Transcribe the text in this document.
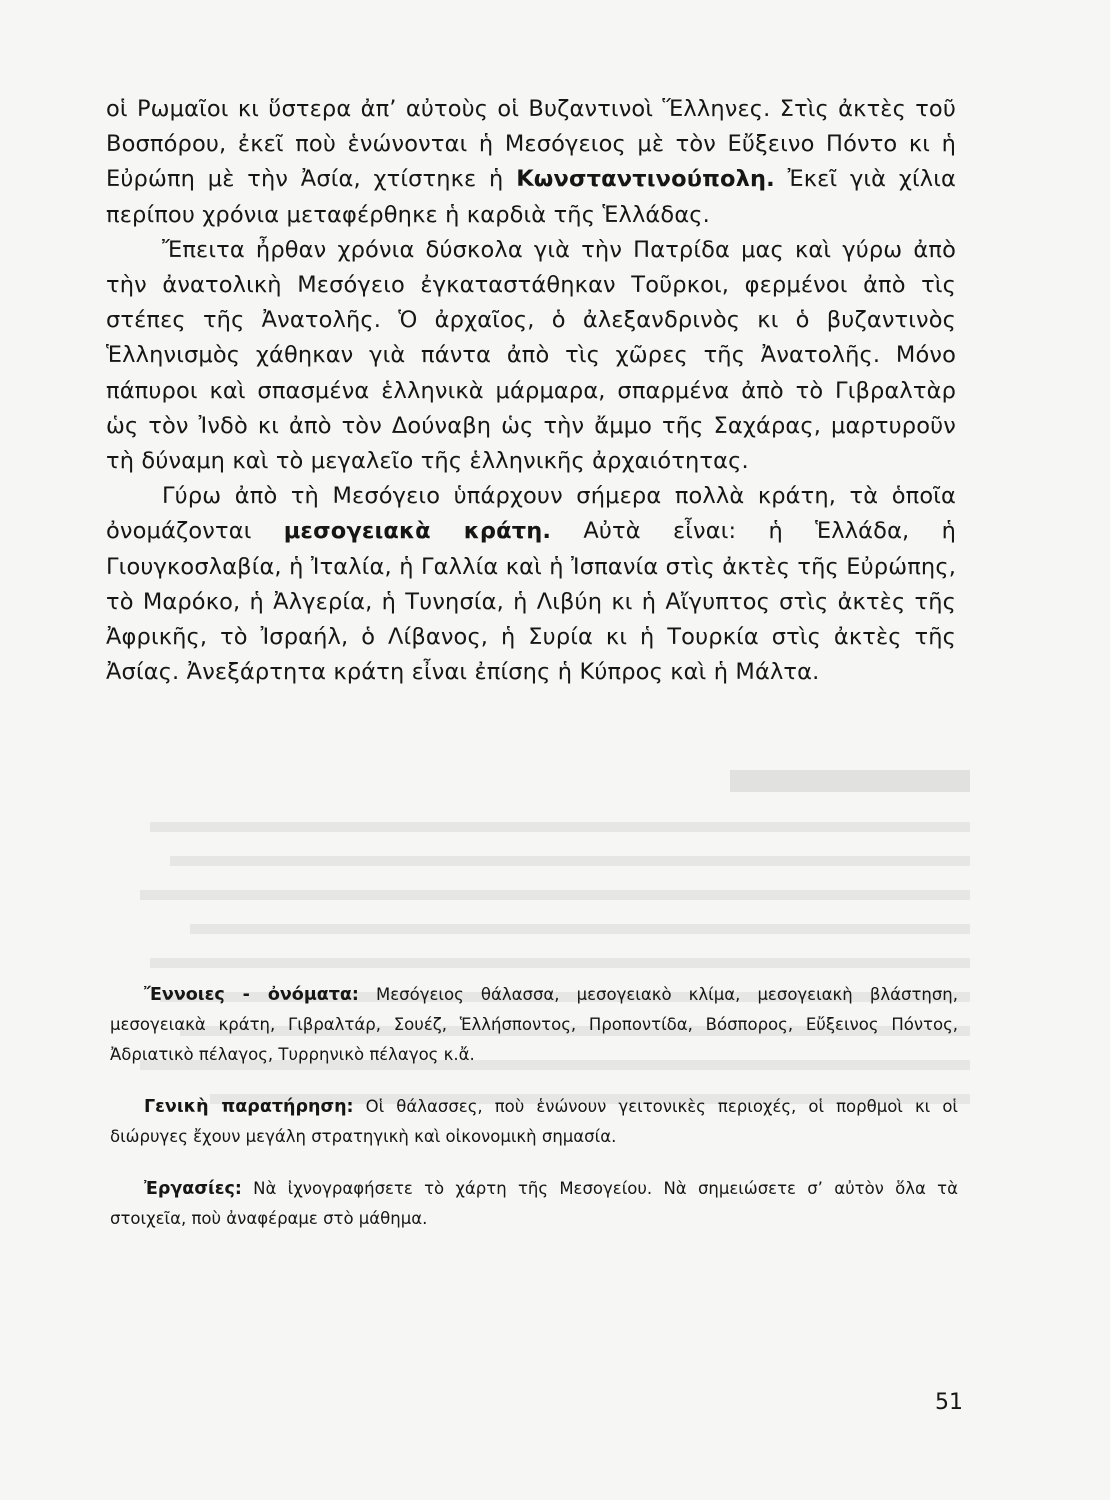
οἱ Ρωμαῖοι κι ὕστερα ἀπ’ αὐτοὺς οἱ Βυζαντινοὶ Ἕλληνες. Στὶς ἀκτὲς τοῦ Βοσπόρου, ἐκεῖ ποὺ ἑνώνονται ἡ Μεσόγειος μὲ τὸν Εὔξεινο Πόντο κι ἡ Εὐρώπη μὲ τὴν Ἀσία, χτίστηκε ἡ Κωνσταντινούπολη. Ἐκεῖ γιὰ χίλια περίπου χρόνια μεταφέρθηκε ἡ καρδιὰ τῆς Ἑλλάδας.

Ἔπειτα ἦρθαν χρόνια δύσκολα γιὰ τὴν Πατρίδα μας καὶ γύρω ἀπὸ τὴν ἀνατολικὴ Μεσόγειο ἐγκαταστάθηκαν Τοῦρκοι, φερμένοι ἀπὸ τὶς στέπες τῆς Ἀνατολῆς. Ὁ ἀρχαῖος, ὁ ἀλεξανδρινὸς κι ὁ βυζαντινὸς Ἑλληνισμὸς χάθηκαν γιὰ πάντα ἀπὸ τὶς χῶρες τῆς Ἀνατολῆς. Μόνο πάπυροι καὶ σπασμένα ἑλληνικὰ μάρμαρα, σπαρμένα ἀπὸ τὸ Γιβραλτὰρ ὡς τὸν Ἰνδὸ κι ἀπὸ τὸν Δούναβη ὡς τὴν ἄμμο τῆς Σαχάρας, μαρτυροῦν τὴ δύναμη καὶ τὸ μεγαλεῖο τῆς ἑλληνικῆς ἀρχαιότητας.

Γύρω ἀπὸ τὴ Μεσόγειο ὑπάρχουν σήμερα πολλὰ κράτη, τὰ ὁποῖα ὀνομάζονται μεσογειακὰ κράτη. Αὐτὰ εἶναι: ἡ Ἑλλάδα, ἡ Γιουγκοσλαβία, ἡ Ἰταλία, ἡ Γαλλία καὶ ἡ Ἰσπανία στὶς ἀκτὲς τῆς Εὐρώπης, τὸ Μαρόκο, ἡ Ἀλγερία, ἡ Τυνησία, ἡ Λιβύη κι ἡ Αἴγυπτος στὶς ἀκτὲς τῆς Ἀφρικῆς, τὸ Ἰσραήλ, ὁ Λίβανος, ἡ Συρία κι ἡ Τουρκία στὶς ἀκτὲς τῆς Ἀσίας. Ἀνεξάρτητα κράτη εἶναι ἐπίσης ἡ Κύπρος καὶ ἡ Μάλτα.

Ἔννοιες - ὀνόματα: Μεσόγειος θάλασσα, μεσογειακὸ κλίμα, μεσογειακὴ βλάστηση, μεσογειακὰ κράτη, Γιβραλτάρ, Σουέζ, Ἑλλήσποντος, Προποντίδα, Βόσπορος, Εὔξεινος Πόντος, Ἀδριατικὸ πέλαγος, Τυρρηνικὸ πέλαγος κ.ἄ.

Γενικὴ παρατήρηση: Οἱ θάλασσες, ποὺ ἑνώνουν γειτονικὲς περιοχές, οἱ πορθμοὶ κι οἱ διώρυγες ἔχουν μεγάλη στρατηγικὴ καὶ οἰκονομικὴ σημασία.

Ἐργασίες: Νὰ ἰχνογραφήσετε τὸ χάρτη τῆς Μεσογείου. Νὰ σημειώσετε σ’ αὐτὸν ὅλα τὰ στοιχεῖα, ποὺ ἀναφέραμε στὸ μάθημα.

51
